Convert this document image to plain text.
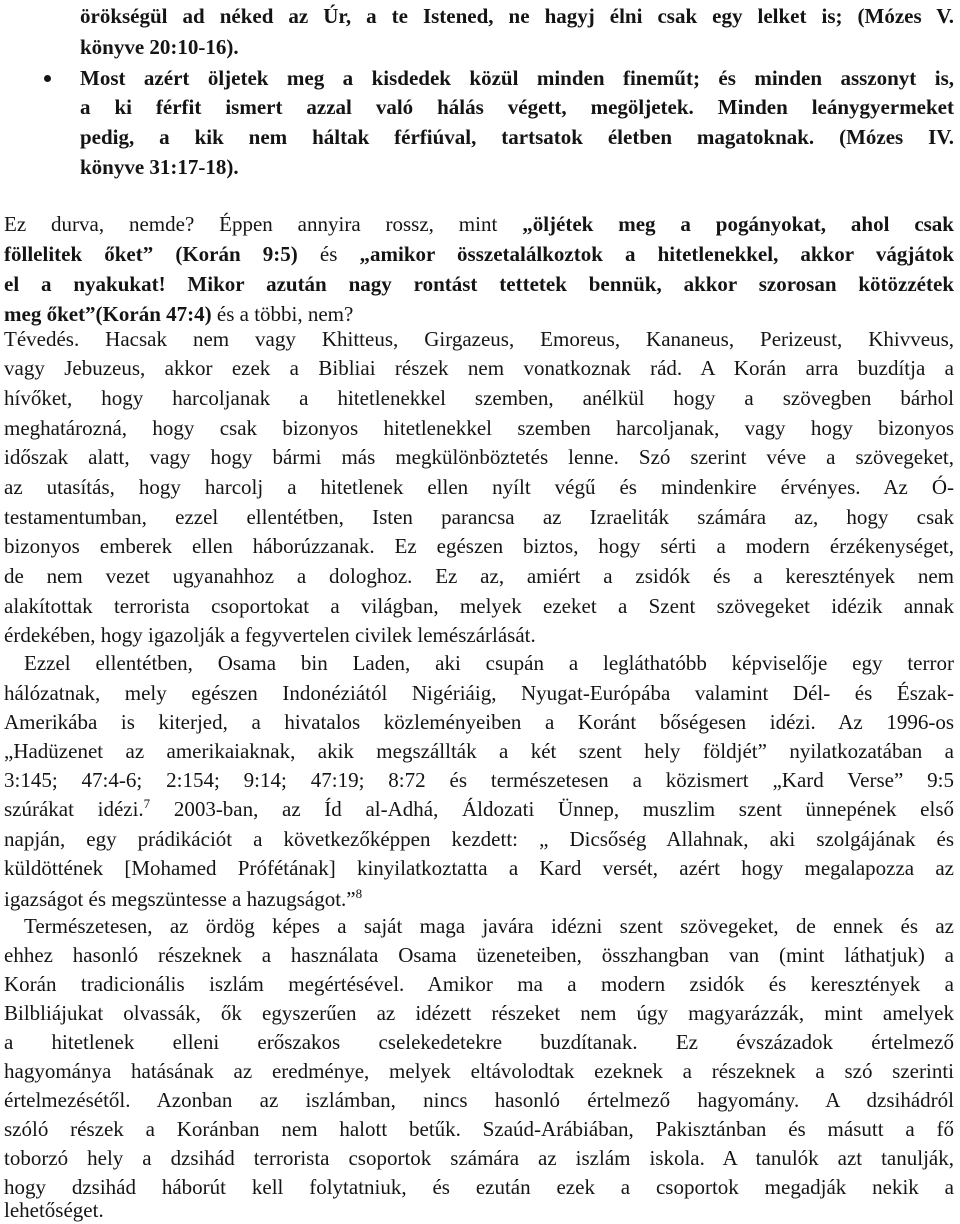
örökségül ad néked az Úr, a te Istened, ne hagyj élni csak egy lelket is; (Mózes V.
könyve 20:10-16).
Most azért öljetek meg a kisdedek közül minden fineműt; és minden asszonyt is,
a ki férfit ismert azzal való hálás végett, megöljetek. Minden leánygyermeket
pedig, a kik nem háltak férfiúval, tartsatok életben magatoknak. (Mózes IV.
könyve 31:17-18).
Ez durva, nemde? Éppen annyira rossz, mint „öljétek meg a pogányokat, ahol csak
föllelitek őket” (Korán 9:5) és „amikor összetalálkoztok a hitetlenekkel, akkor vágjátok
el a nyakukat! Mikor azután nagy rontást tettetek bennük, akkor szorosan kötözzétek
meg őket”(Korán 47:4) és a többi, nem?
Tévedés. Hacsak nem vagy Khitteus, Girgazeus, Emoreus, Kananeus, Perizeust, Khivveus,
vagy Jebuzeus, akkor ezek a Bibliai részek nem vonatkoznak rád. A Korán arra buzdítja a
hívőket, hogy harcoljanak a hitetlenekkel szemben, anélkül hogy a szövegben bárhol
meghatározná, hogy csak bizonyos hitetlenekkel szemben harcoljanak, vagy hogy bizonyos
időszak alatt, vagy hogy bármi más megkülönböztetés lenne. Szó szerint véve a szövegeket,
az utasítás, hogy harcolj a hitetlenek ellen nyílt végű és mindenkire érvényes. Az Ó-
testamentumban, ezzel ellentétben, Isten parancsa az Izraeliták számára az, hogy csak
bizonyos emberek ellen háborúzzanak. Ez egészen biztos, hogy sérti a modern érzékenységet,
de nem vezet ugyanahhoz a dologhoz. Ez az, amiért a zsidók és a keresztények nem
alakítottak terrorista csoportokat a világban, melyek ezeket a Szent szövegeket idézik annak
érdekében, hogy igazolják a fegyvertelen civilek lemészárlását.
Ezzel ellentétben, Osama bin Laden, aki csupán a legláthatóbb képviselője egy terror
hálózatnak, mely egészen Indonéziától Nigériáig, Nyugat-Európába valamint Dél- és Észak-
Amerikába is kiterjed, a hivatalos közleményeiben a Koránt bőségesen idézi. Az 1996-os
„Hadüzenet az amerikaiaknak, akik megszállták a két szent hely földjét” nyilatkozatában a
3:145; 47:4-6; 2:154; 9:14; 47:19; 8:72 és természetesen a közismert „Kard Verse” 9:5
szúrákat idézi.$^7$ 2003-ban, az Íd al-Adhá, Áldozati Ünnep, muszlim szent ünnepének első
napján, egy prádikációt a következőképpen kezdett: „ Dicsőség Allahnak, aki szolgájának és
küldöttének [Mohamed Prófétának] kinyilatkoztatta a Kard versét, azért hogy megalapozza az
igazságot és megszüntesse a hazugságot.”$^8$
Természetesen, az ördög képes a saját maga javára idézni szent szövegeket, de ennek és az
ehhez hasonló részeknek a használata Osama üzeneteiben, összhangban van (mint láthatjuk) a
Korán tradicionális iszlám megértésével. Amikor ma a modern zsidók és keresztények a
Bilbliájukat olvassák, ők egyszerűen az idézett részeket nem úgy magyarázzák, mint amelyek
a hitetlenek elleni erőszakos cselekedetekre buzdítanak. Ez évszázadok értelmező
hagyománya hatásának az eredménye, melyek eltávolodtak ezeknek a részeknek a szó szerinti
értelmezésétől. Azonban az iszlámban, nincs hasonló értelmező hagyomány. A dzsihádról
szóló részek a Koránban nem halott betűk. Szaúd-Arábiában, Pakisztánban és másutt a fő
toborzó hely a dzsihád terrorista csoportok számára az iszlám iskola. A tanulók azt tanulják,
hogy dzsihád háborút kell folytatniuk, és ezután ezek a csoportok megadják nekik a
lehetőséget.
